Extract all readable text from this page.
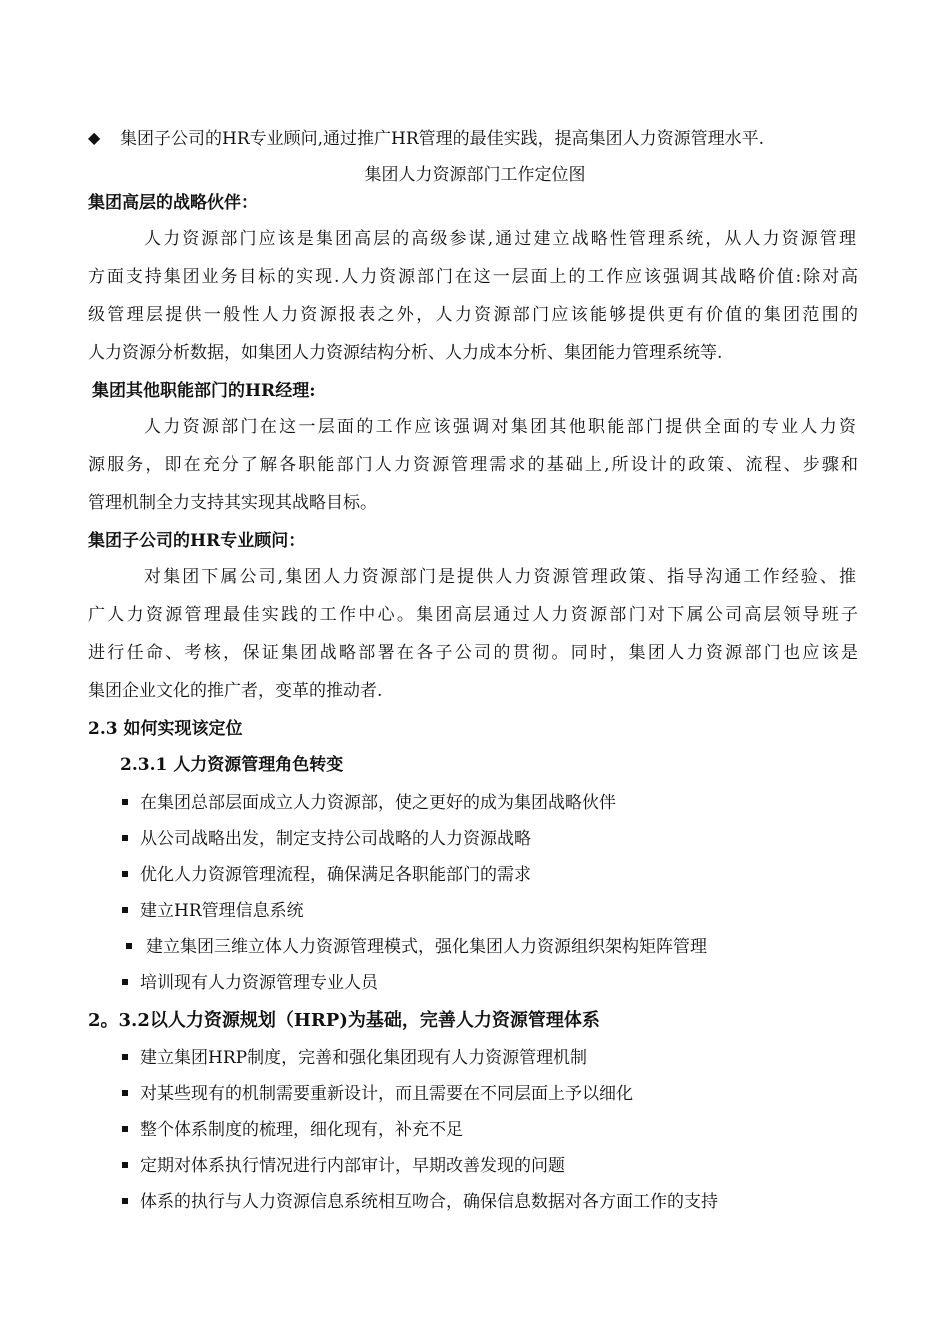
◆ 集团子公司的HR专业顾问,通过推广HR管理的最佳实践，提高集团人力资源管理水平.
集团人力资源部门工作定位图
集团高层的战略伙伴：
人力资源部门应该是集团高层的高级参谋,通过建立战略性管理系统，从人力资源管理
方面支持集团业务目标的实现.人力资源部门在这一层面上的工作应该强调其战略价值:除对高
级管理层提供一般性人力资源报表之外，人力资源部门应该能够提供更有价值的集团范围的
人力资源分析数据，如集团人力资源结构分析、人力成本分析、集团能力管理系统等.
集团其他职能部门的HR经理:
人力资源部门在这一层面的工作应该强调对集团其他职能部门提供全面的专业人力资
源服务，即在充分了解各职能部门人力资源管理需求的基础上,所设计的政策、流程、步骤和
管理机制全力支持其实现其战略目标。
集团子公司的HR专业顾问：
对集团下属公司,集团人力资源部门是提供人力资源管理政策、指导沟通工作经验、推
广人力资源管理最佳实践的工作中心。集团高层通过人力资源部门对下属公司高层领导班子
进行任命、考核，保证集团战略部署在各子公司的贯彻。同时，集团人力资源部门也应该是
集团企业文化的推广者，变革的推动者.
2.3 如何实现该定位
2.3.1 人力资源管理角色转变
在集团总部层面成立人力资源部，使之更好的成为集团战略伙伴
从公司战略出发，制定支持公司战略的人力资源战略
优化人力资源管理流程，确保满足各职能部门的需求
建立HR管理信息系统
建立集团三维立体人力资源管理模式，强化集团人力资源组织架构矩阵管理
培训现有人力资源管理专业人员
2。3.2以人力资源规划（HRP)为基础，完善人力资源管理体系
建立集团HRP制度，完善和强化集团现有人力资源管理机制
对某些现有的机制需要重新设计，而且需要在不同层面上予以细化
整个体系制度的梳理，细化现有，补充不足
定期对体系执行情况进行内部审计，早期改善发现的问题
体系的执行与人力资源信息系统相互吻合，确保信息数据对各方面工作的支持
